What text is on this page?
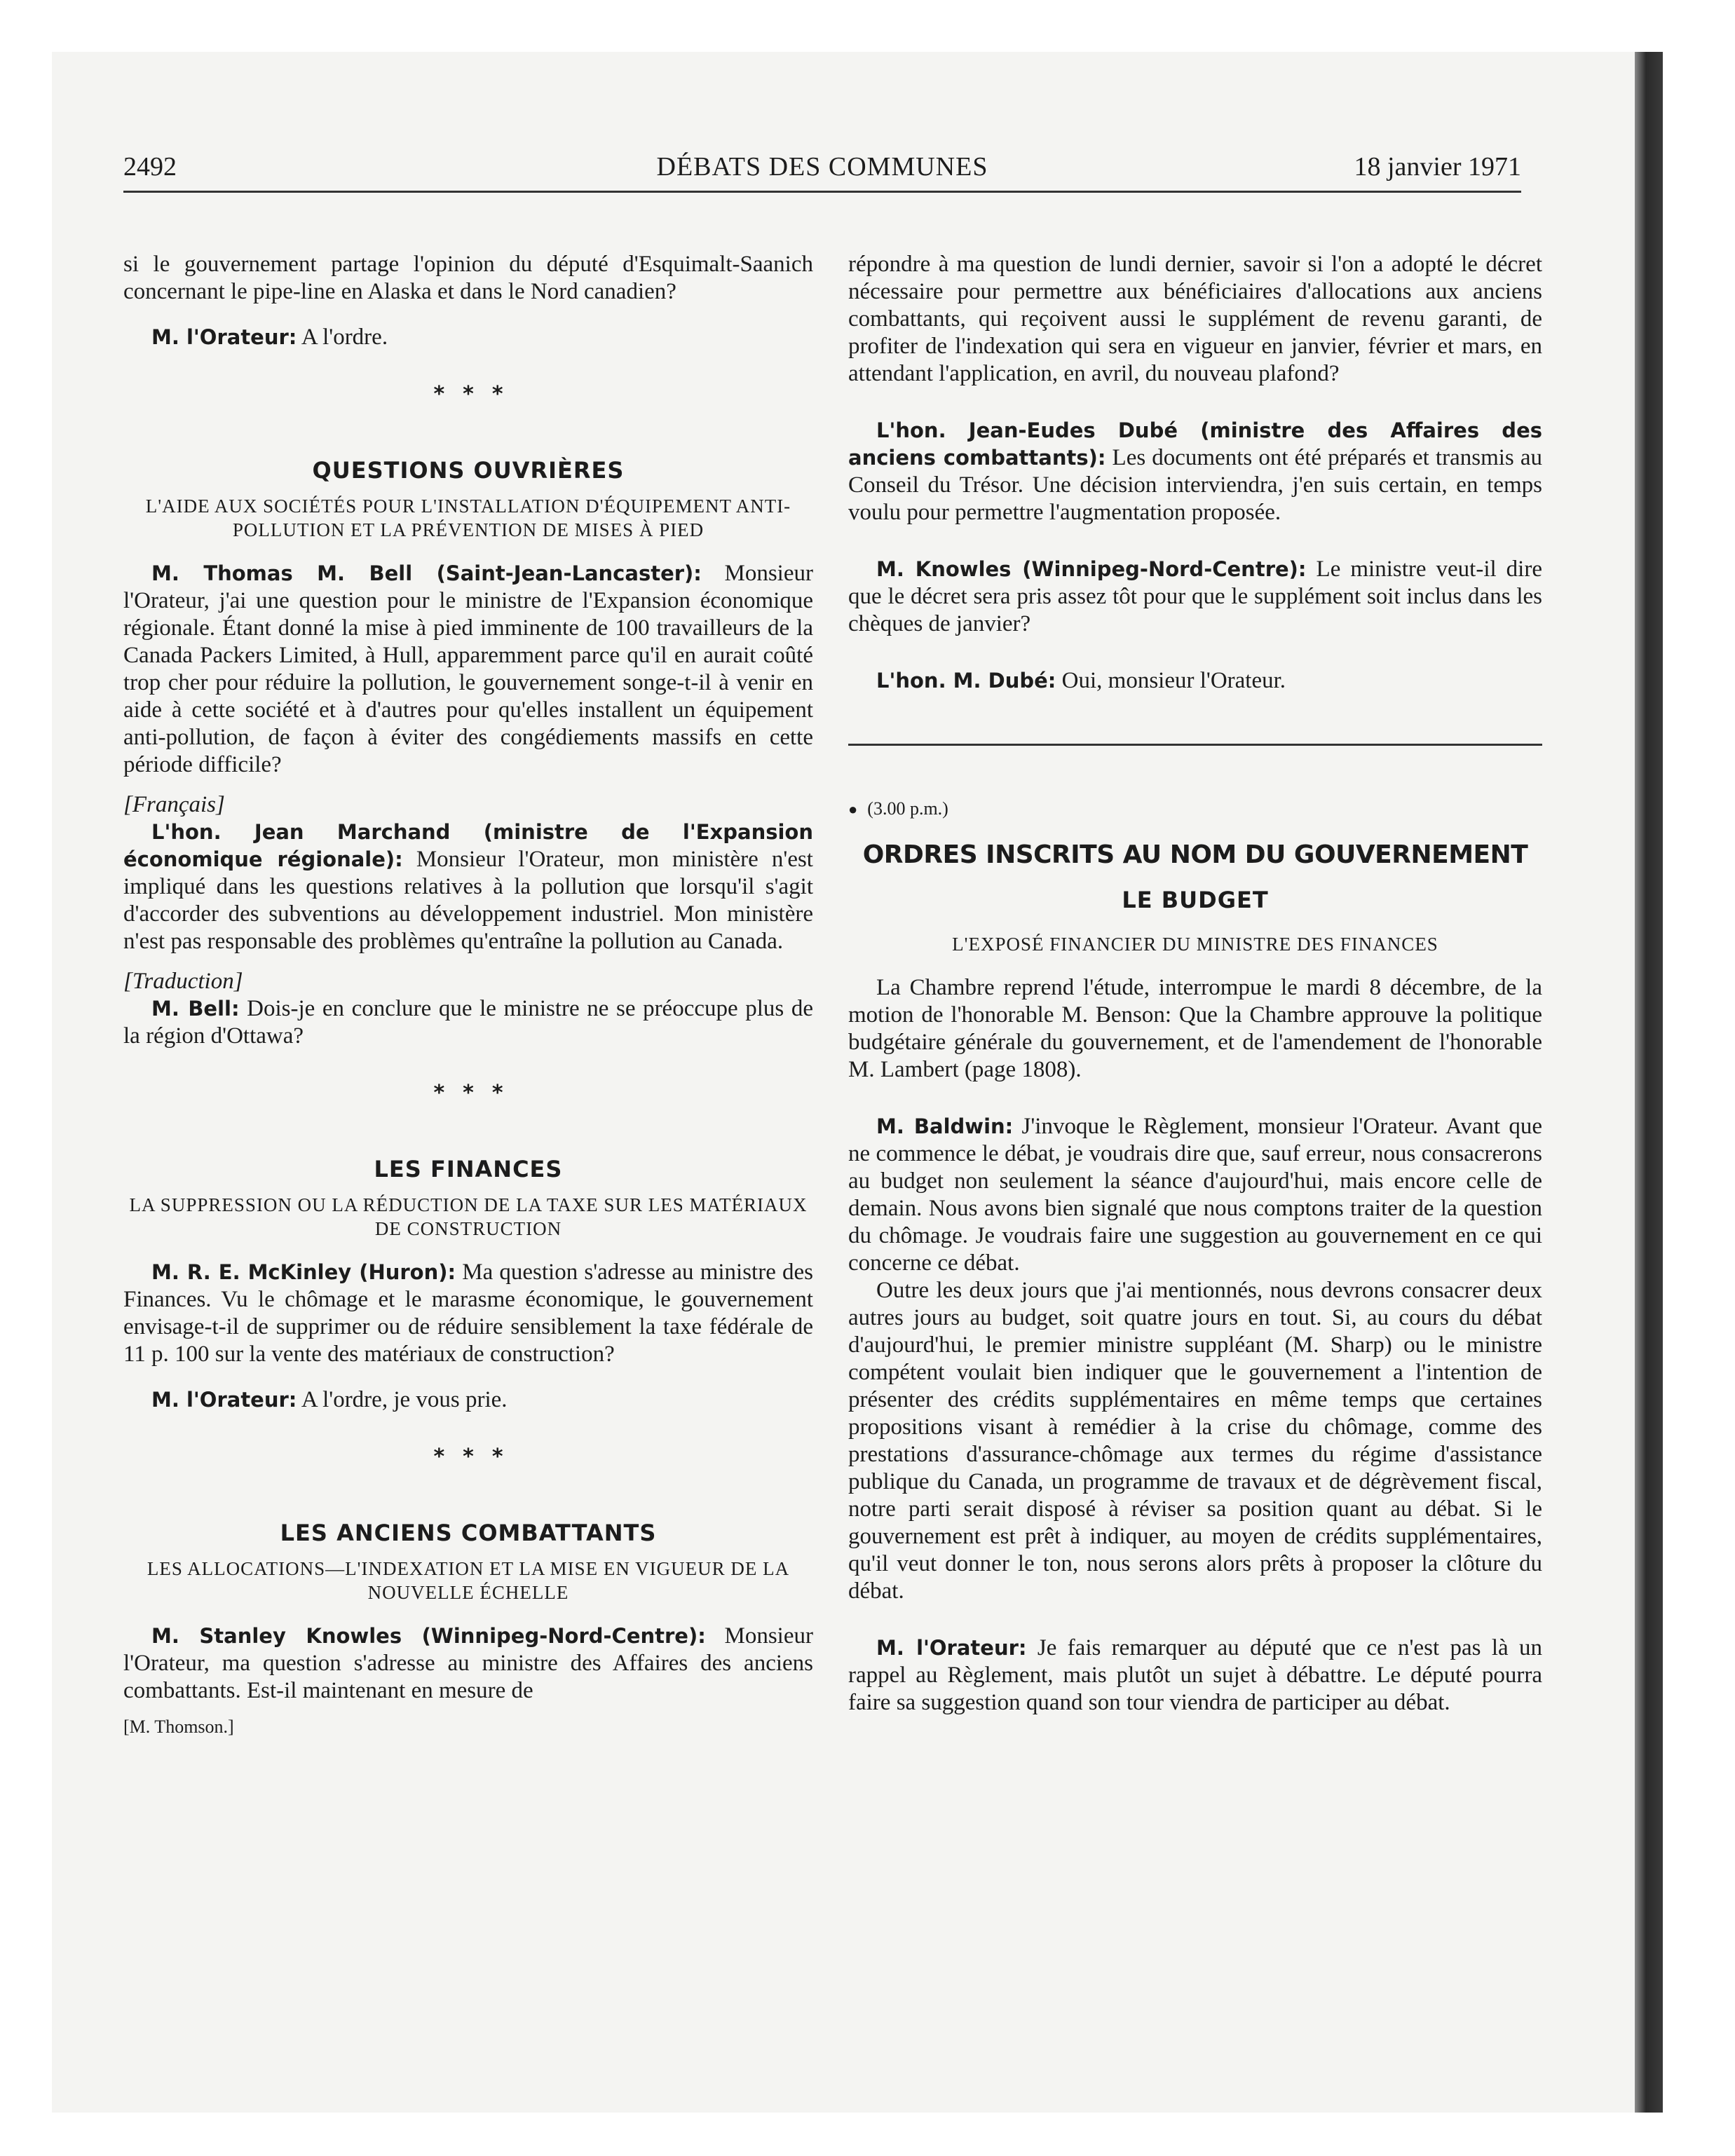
2492	DÉBATS DES COMMUNES	18 janvier 1971

si le gouvernement partage l'opinion du député d'Esquimalt-Saanich concernant le pipe-line en Alaska et dans le Nord canadien?

M. l'Orateur: A l'ordre.

***
QUESTIONS OUVRIÈRES
L'AIDE AUX SOCIÉTÉS POUR L'INSTALLATION D'ÉQUIPEMENT ANTI-POLLUTION ET LA PRÉVENTION DE MISES À PIED

M. Thomas M. Bell (Saint-Jean-Lancaster): Monsieur l'Orateur, j'ai une question pour le ministre de l'Expansion économique régionale. Étant donné la mise à pied imminente de 100 travailleurs de la Canada Packers Limited, à Hull, apparemment parce qu'il en aurait coûté trop cher pour réduire la pollution, le gouvernement songe-t-il à venir en aide à cette société et à d'autres pour qu'elles installent un équipement anti-pollution, de façon à éviter des congédiements massifs en cette période difficile?

[Français]

L'hon. Jean Marchand (ministre de l'Expansion économique régionale): Monsieur l'Orateur, mon ministère n'est impliqué dans les questions relatives à la pollution que lorsqu'il s'agit d'accorder des subventions au développement industriel. Mon ministère n'est pas responsable des problèmes qu'entraîne la pollution au Canada.

[Traduction]

M. Bell: Dois-je en conclure que le ministre ne se préoccupe plus de la région d'Ottawa?

***
LES FINANCES
LA SUPPRESSION OU LA RÉDUCTION DE LA TAXE SUR LES MATÉRIAUX DE CONSTRUCTION

M. R. E. McKinley (Huron): Ma question s'adresse au ministre des Finances. Vu le chômage et le marasme économique, le gouvernement envisage-t-il de supprimer ou de réduire sensiblement la taxe fédérale de 11 p. 100 sur la vente des matériaux de construction?

M. l'Orateur: A l'ordre, je vous prie.

***
LES ANCIENS COMBATTANTS
LES ALLOCATIONS—L'INDEXATION ET LA MISE EN VIGUEUR DE LA NOUVELLE ÉCHELLE

M. Stanley Knowles (Winnipeg-Nord-Centre): Monsieur l'Orateur, ma question s'adresse au ministre des Affaires des anciens combattants. Est-il maintenant en mesure de

[M. Thomson.]

répondre à ma question de lundi dernier, savoir si l'on a adopté le décret nécessaire pour permettre aux bénéficiaires d'allocations aux anciens combattants, qui reçoivent aussi le supplément de revenu garanti, de profiter de l'indexation qui sera en vigueur en janvier, février et mars, en attendant l'application, en avril, du nouveau plafond?

L'hon. Jean-Eudes Dubé (ministre des Affaires des anciens combattants): Les documents ont été préparés et transmis au Conseil du Trésor. Une décision interviendra, j'en suis certain, en temps voulu pour permettre l'augmentation proposée.

M. Knowles (Winnipeg-Nord-Centre): Le ministre veut-il dire que le décret sera pris assez tôt pour que le supplément soit inclus dans les chèques de janvier?

L'hon. M. Dubé: Oui, monsieur l'Orateur.

● (3.00 p.m.)

ORDRES INSCRITS AU NOM DU GOUVERNEMENT
LE BUDGET
L'EXPOSÉ FINANCIER DU MINISTRE DES FINANCES

La Chambre reprend l'étude, interrompue le mardi 8 décembre, de la motion de l'honorable M. Benson: Que la Chambre approuve la politique budgétaire générale du gouvernement, et de l'amendement de l'honorable M. Lambert (page 1808).

M. Baldwin: J'invoque le Règlement, monsieur l'Orateur. Avant que ne commence le débat, je voudrais dire que, sauf erreur, nous consacrerons au budget non seulement la séance d'aujourd'hui, mais encore celle de demain. Nous avons bien signalé que nous comptons traiter de la question du chômage. Je voudrais faire une suggestion au gouvernement en ce qui concerne ce débat.

Outre les deux jours que j'ai mentionnés, nous devrons consacrer deux autres jours au budget, soit quatre jours en tout. Si, au cours du débat d'aujourd'hui, le premier ministre suppléant (M. Sharp) ou le ministre compétent voulait bien indiquer que le gouvernement a l'intention de présenter des crédits supplémentaires en même temps que certaines propositions visant à remédier à la crise du chômage, comme des prestations d'assurance-chômage aux termes du régime d'assistance publique du Canada, un programme de travaux et de dégrèvement fiscal, notre parti serait disposé à réviser sa position quant au débat. Si le gouvernement est prêt à indiquer, au moyen de crédits supplémentaires, qu'il veut donner le ton, nous serons alors prêts à proposer la clôture du débat.

M. l'Orateur: Je fais remarquer au député que ce n'est pas là un rappel au Règlement, mais plutôt un sujet à débattre. Le député pourra faire sa suggestion quand son tour viendra de participer au débat.
